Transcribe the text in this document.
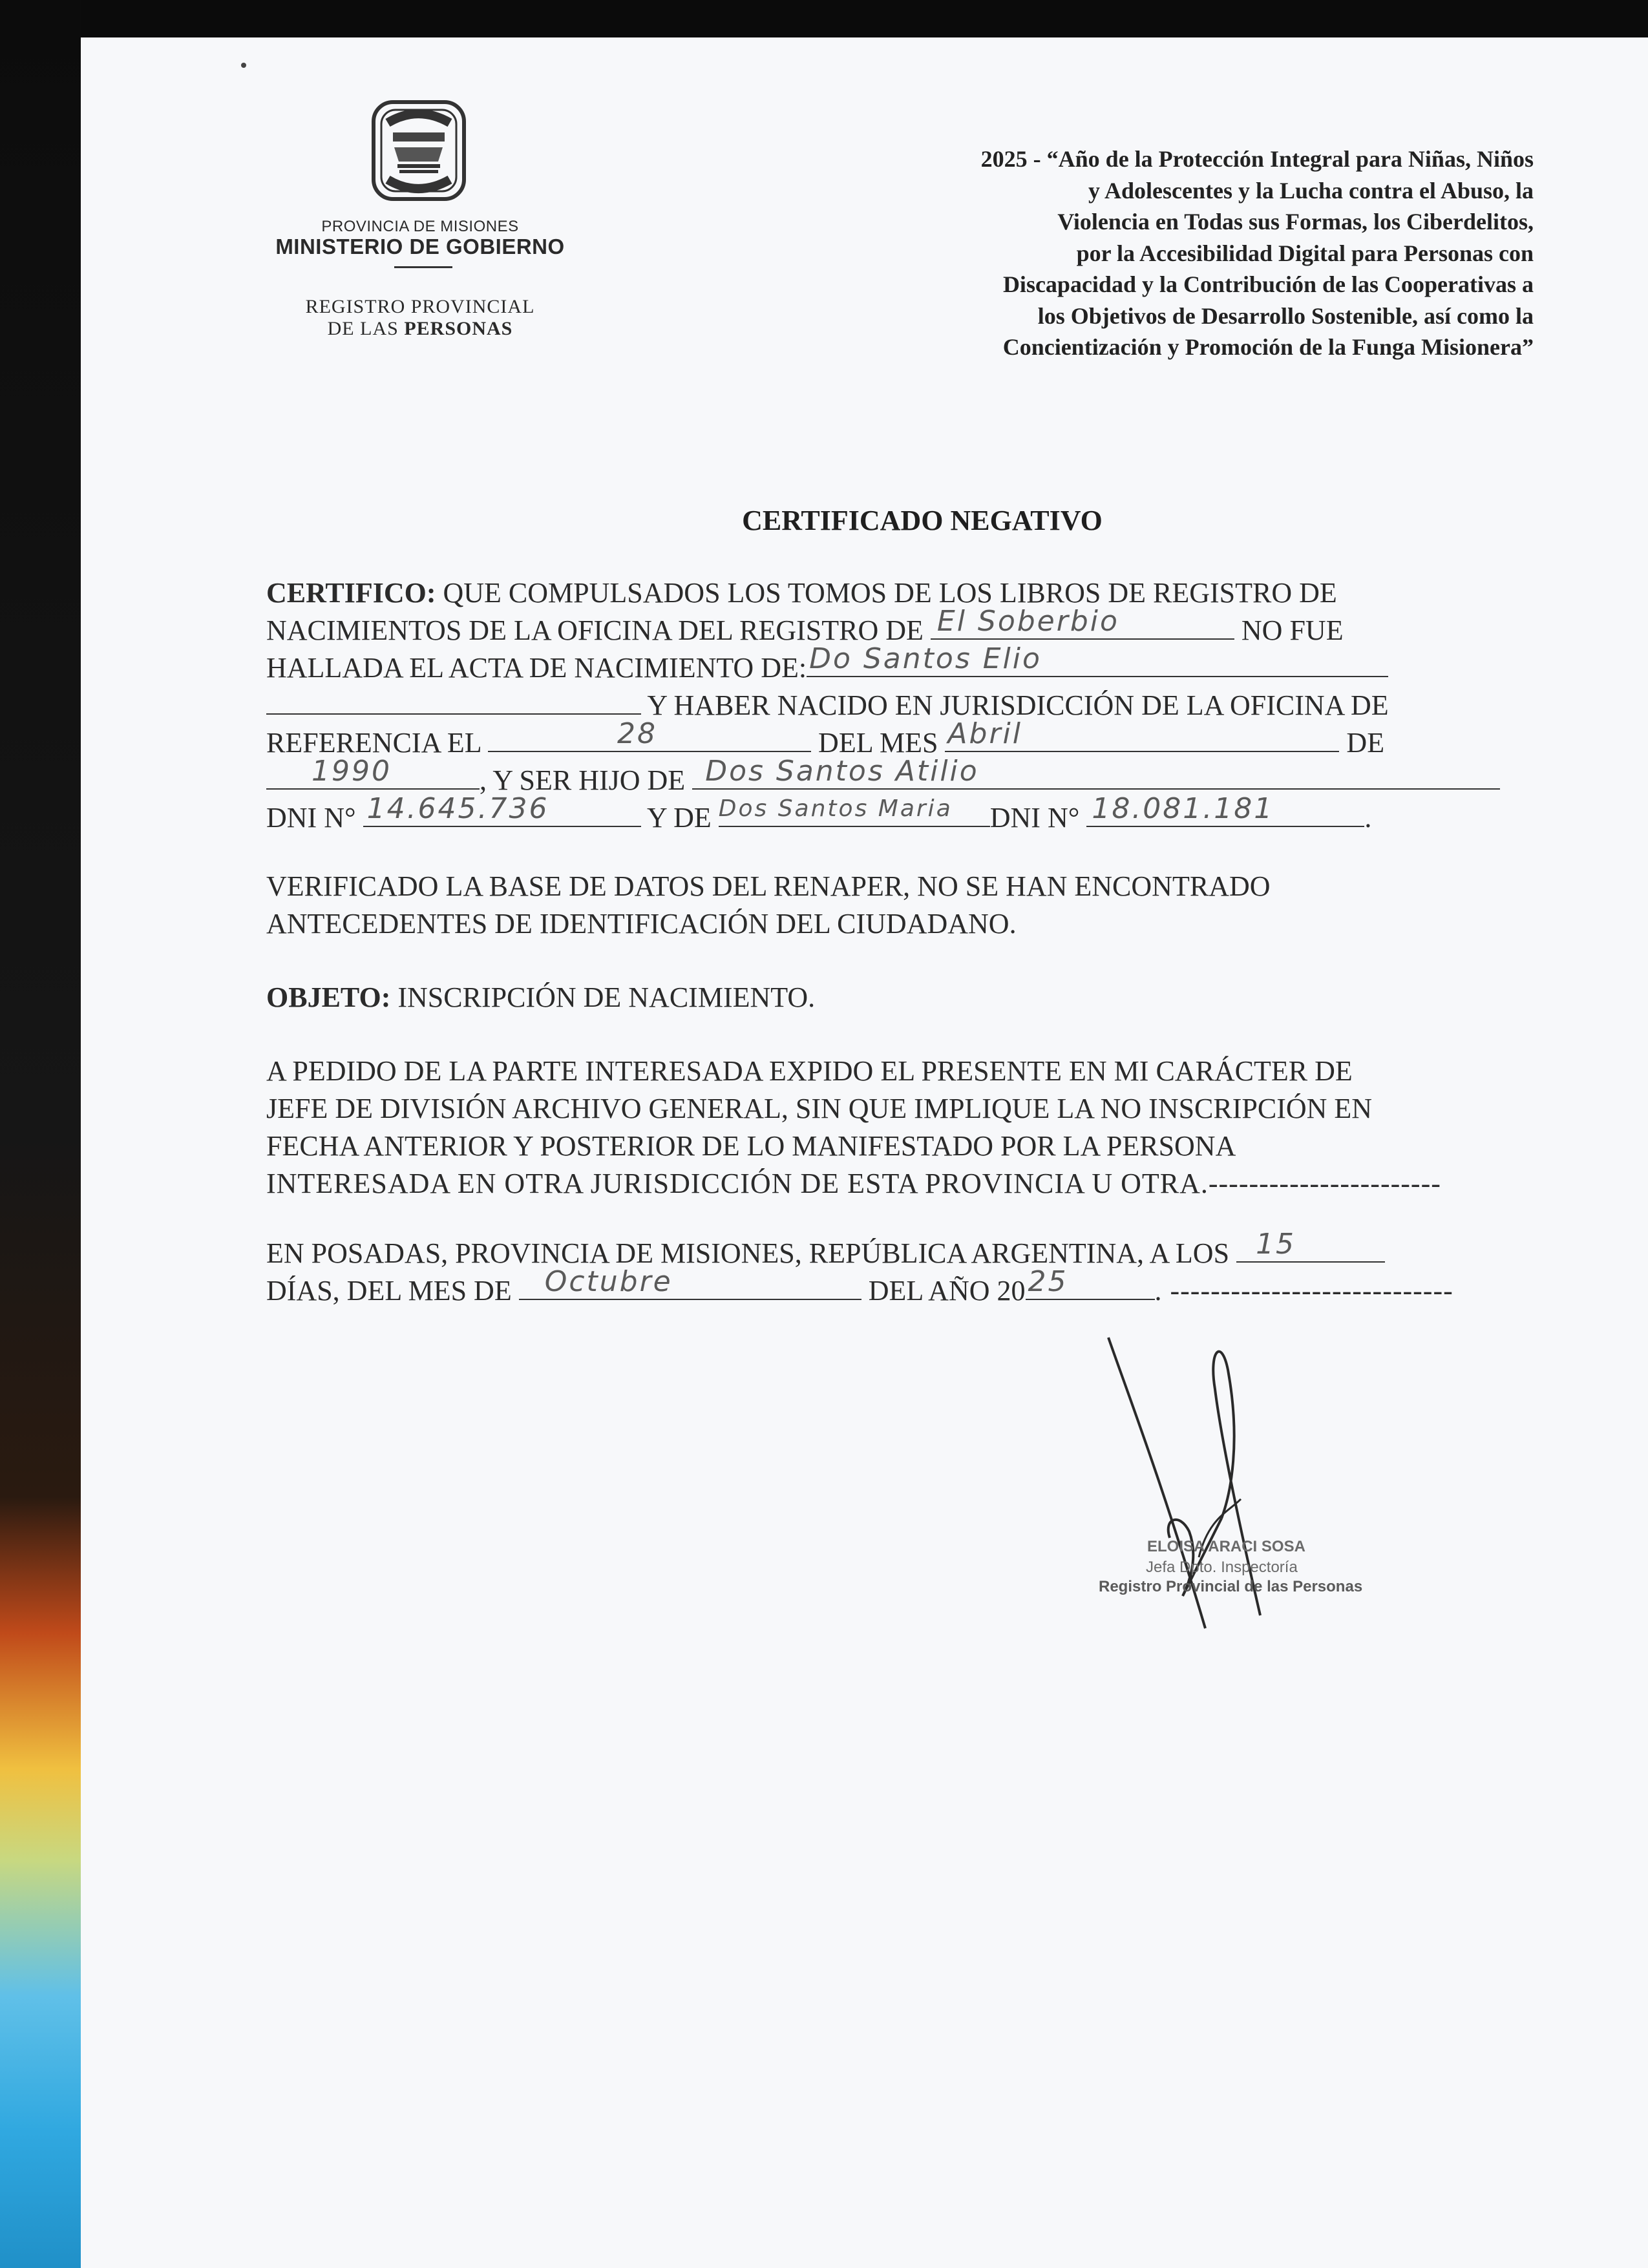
PROVINCIA DE MISIONES
MINISTERIO DE GOBIERNO
REGISTRO PROVINCIAL
DE LAS PERSONAS
2025 - “Año de la Protección Integral para Niñas, Niños
y Adolescentes y la Lucha contra el Abuso, la
Violencia en Todas sus Formas, los Ciberdelitos,
por la Accesibilidad Digital para Personas con
Discapacidad y la Contribución de las Cooperativas a
los Objetivos de Desarrollo Sostenible, así como la
Concientización y Promoción de la Funga Misionera”
CERTIFICADO NEGATIVO
CERTIFICO: QUE COMPULSADOS LOS TOMOS DE LOS LIBROS DE REGISTRO DE
NACIMIENTOS DE LA OFICINA DEL REGISTRO DE El Soberbio	NO FUE
HALLADA EL ACTA DE NACIMIENTO DE: Do Santos Elio
Y HABER NACIDO EN JURISDICCIÓN DE LA OFICINA DE
REFERENCIA EL	28	DEL MES Abril	DE
1990	, Y SER HIJO DE Dos Santos Atilio
DNI N° 14.645.736	Y DE Dos Santos Maria DNI N° 18.081.181	.
VERIFICADO LA BASE DE DATOS DEL RENAPER, NO SE HAN ENCONTRADO
ANTECEDENTES DE IDENTIFICACIÓN DEL CIUDADANO.
OBJETO: INSCRIPCIÓN DE NACIMIENTO.
A PEDIDO DE LA PARTE INTERESADA EXPIDO EL PRESENTE EN MI CARÁCTER DE
JEFE DE DIVISIÓN ARCHIVO GENERAL, SIN QUE IMPLIQUE LA NO INSCRIPCIÓN EN
FECHA ANTERIOR Y POSTERIOR DE LO MANIFESTADO POR LA PERSONA
INTERESADA EN OTRA JURISDICCIÓN DE ESTA PROVINCIA U OTRA.-----------------------
EN POSADAS, PROVINCIA DE MISIONES, REPÚBLICA ARGENTINA, A LOS 15
DÍAS, DEL MES DE Octubre	DEL AÑO 20 25	. ----------------------------
ELOISA ARACI SOSA
Jefa Dpto. Inspectoría
Registro Provincial de las Personas
